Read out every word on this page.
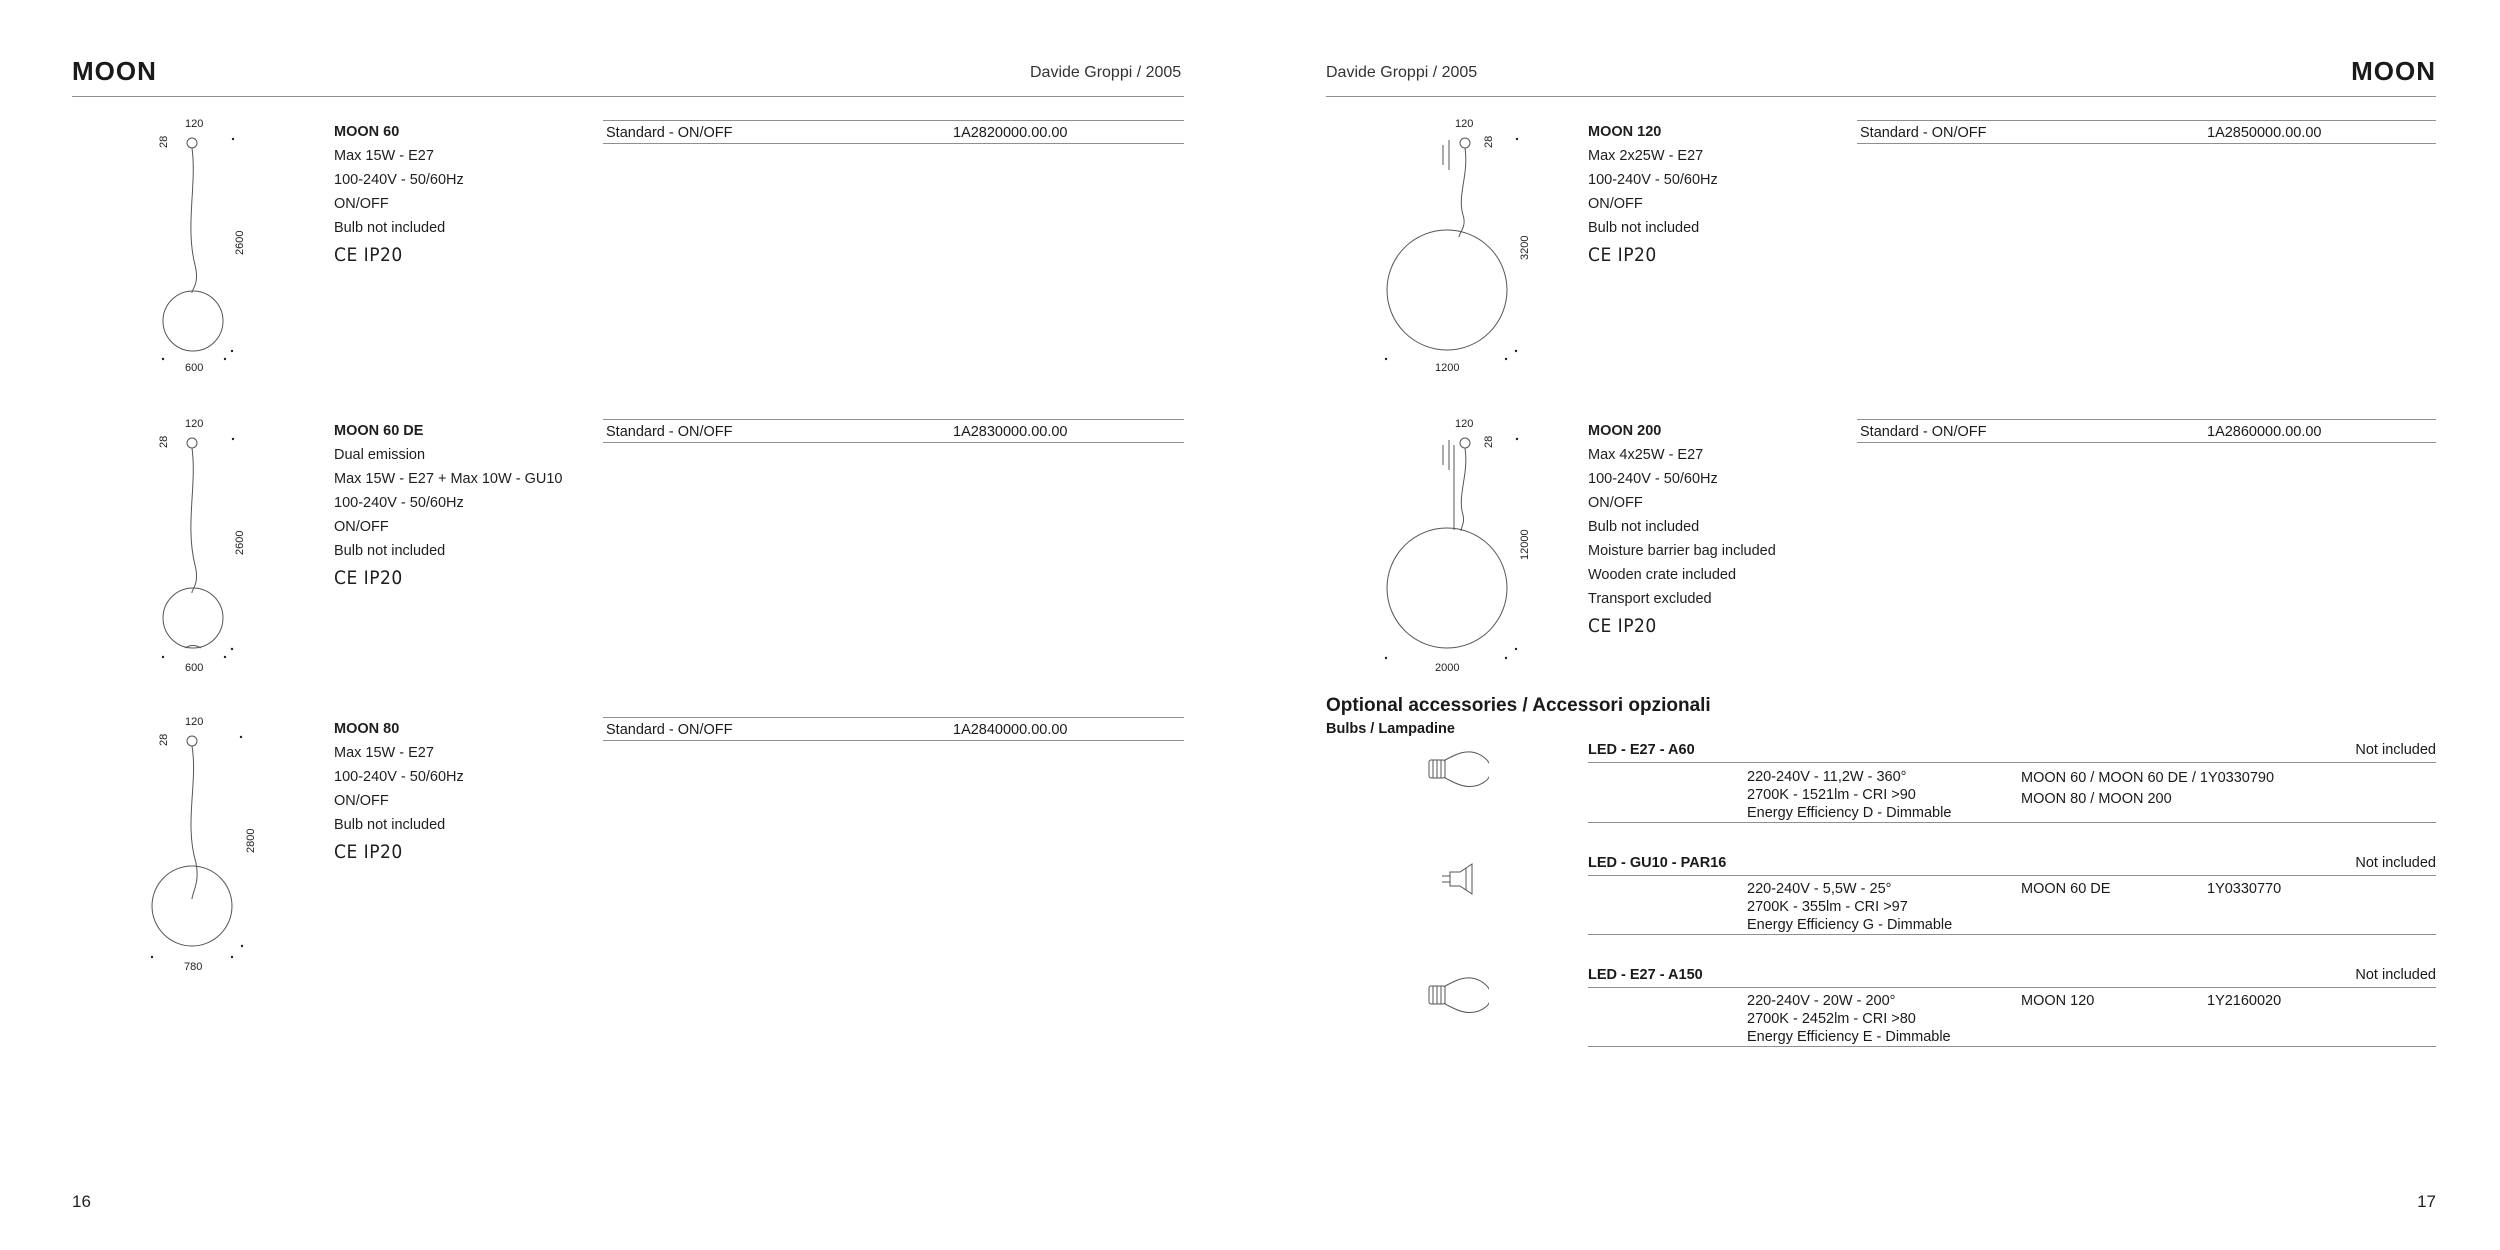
MOON	Davide Groppi / 2005
120
28
2600
600
MOON 60
Max 15W - E27
100-240V - 50/60Hz
ON/OFF
Bulb not included
CE IP20
Standard - ON/OFF	1A2820000.00.00
120
28
2600
600
MOON 60 DE
Dual emission
Max 15W - E27 + Max 10W - GU10
100-240V - 50/60Hz
ON/OFF
Bulb not included
CE IP20
Standard - ON/OFF	1A2830000.00.00
120
28
2800
780
MOON 80
Max 15W - E27
100-240V - 50/60Hz
ON/OFF
Bulb not included
CE IP20
Standard - ON/OFF	1A2840000.00.00
16
Davide Groppi / 2005	MOON
120
28
3200
1200
MOON 120
Max 2x25W - E27
100-240V - 50/60Hz
ON/OFF
Bulb not included
CE IP20
Standard - ON/OFF	1A2850000.00.00
120
28
12000
2000
MOON 200
Max 4x25W - E27
100-240V - 50/60Hz
ON/OFF
Bulb not included
Moisture barrier bag included
Wooden crate included
Transport excluded
CE IP20
Standard - ON/OFF	1A2860000.00.00
Optional accessories / Accessori opzionali
Bulbs / Lampadine
LED - E27 - A60	Not included
220-240V - 11,2W - 360°
2700K - 1521lm - CRI >90
Energy Efficiency D - Dimmable
MOON 60 / MOON 60 DE / 1Y0330790
MOON 80 / MOON 200
LED - GU10 - PAR16	Not included
220-240V - 5,5W - 25°
2700K - 355lm - CRI >97
Energy Efficiency G - Dimmable
MOON 60 DE	1Y0330770
LED - E27 - A150	Not included
220-240V - 20W - 200°
2700K - 2452lm - CRI >80
Energy Efficiency E - Dimmable
MOON 120	1Y2160020
17
